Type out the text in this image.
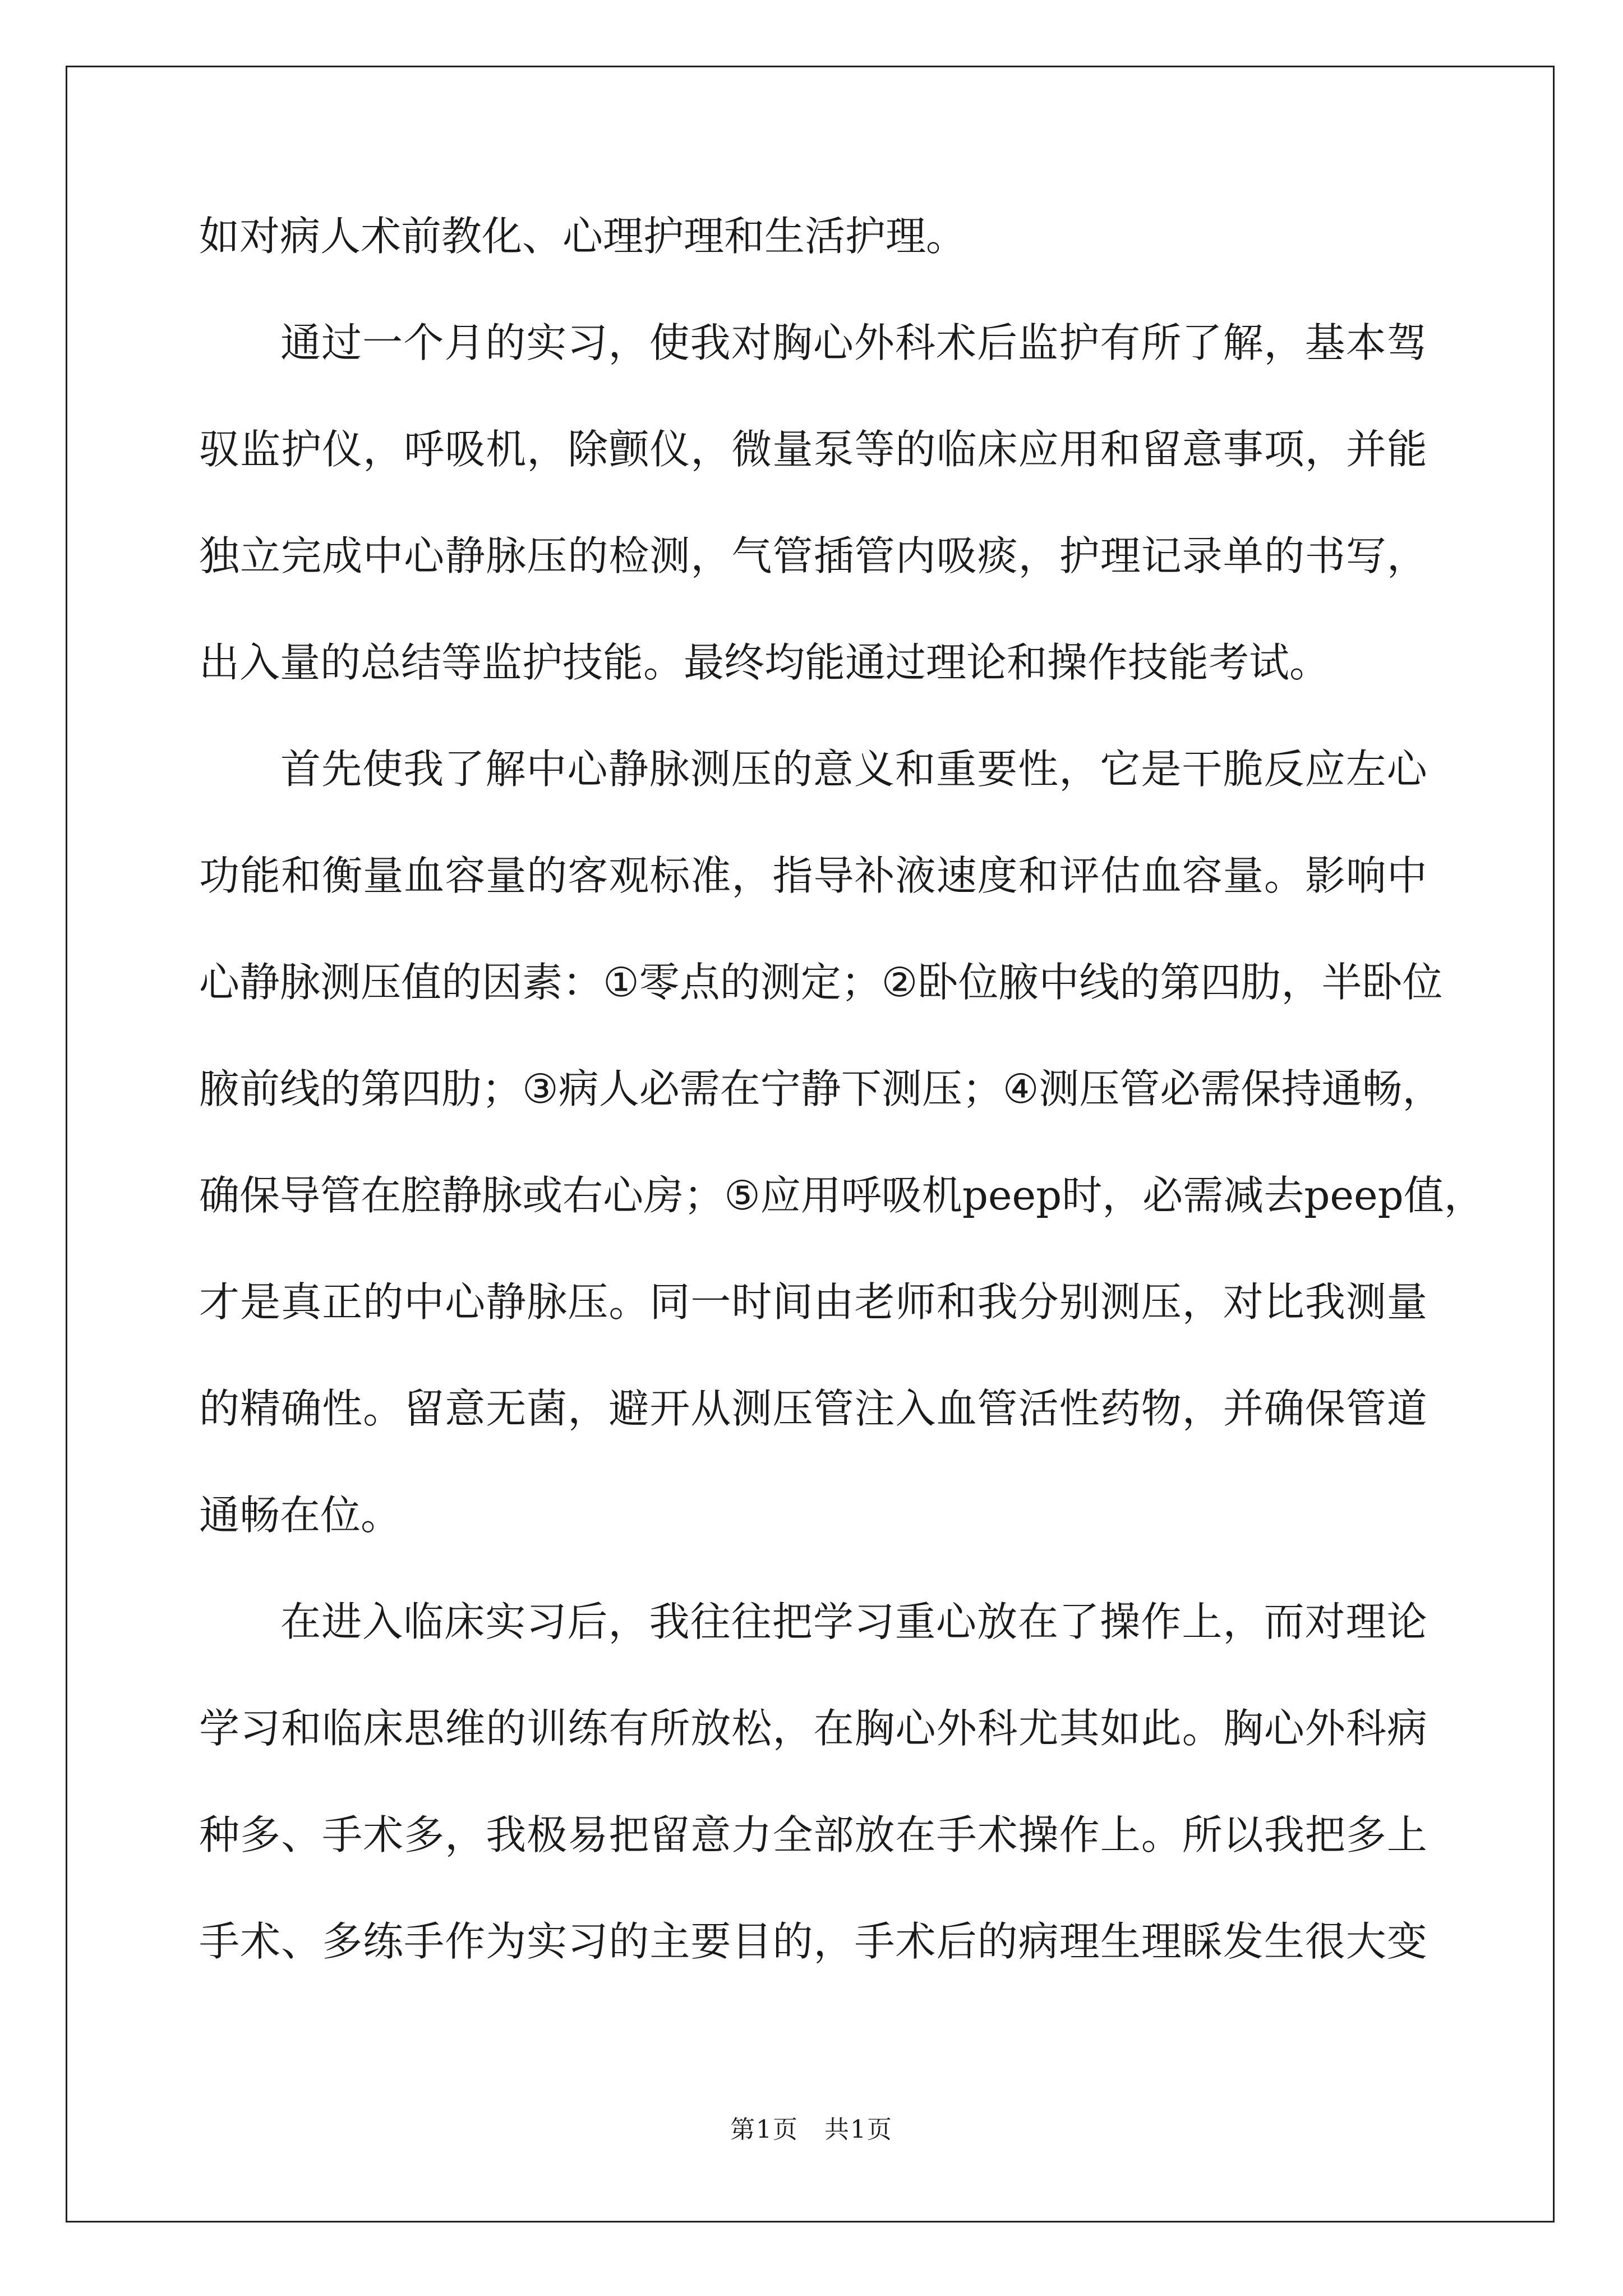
如对病人术前教化、心理护理和生活护理。
通 过 一 个 月 的 实 习 ， 使 我 对 胸 心 外 科 术 后 监 护 有 所 了 解 ， 基 本 驾
驭 监 护 仪 ， 呼 吸 机 ， 除 颤 仪 ， 微 量 泵 等 的 临 床 应 用 和 留 意 事 项 ， 并 能
独 立 完 成 中 心 静 脉 压 的 检 测 ， 气 管 插 管 内 吸 痰 ， 护 理 记 录 单 的 书 写 ，
出入量的总结等监护技能。最终均能通过理论和操作技能考试。
首 先 使 我 了 解 中 心 静 脉 测 压 的 意 义 和 重 要 性 ， 它 是 干 脆 反 应 左 心
功 能 和 衡 量 血 容 量 的 客 观 标 准 ， 指 导 补 液 速 度 和 评 估 血 容 量 。 影 响 中
心 静 脉 测 压 值 的 因 素 ： ① 零 点 的 测 定 ； ② 卧 位 腋 中 线 的 第 四 肋 ， 半 卧 位
腋 前 线 的 第 四 肋 ； ③ 病 人 必 需 在 宁 静 下 测 压 ； ④ 测 压 管 必 需 保 持 通 畅 ，
确 保 导 管 在 腔 静 脉 或 右 心 房 ； ⑤ 应 用 呼 吸 机 peep 时 ， 必 需 减 去 peep 值 ，
才 是 真 正 的 中 心 静 脉 压 。 同 一 时 间 由 老 师 和 我 分 别 测 压 ， 对 比 我 测 量
的 精 确 性 。 留 意 无 菌 ， 避 开 从 测 压 管 注 入 血 管 活 性 药 物 ， 并 确 保 管 道
通畅在位。
在 进 入 临 床 实 习 后 ， 我 往 往 把 学 习 重 心 放 在 了 操 作 上 ， 而 对 理 论
学 习 和 临 床 思 维 的 训 练 有 所 放 松 ， 在 胸 心 外 科 尤 其 如 此 。 胸 心 外 科 病
种 多 、 手 术 多 ， 我 极 易 把 留 意 力 全 部 放 在 手 术 操 作 上 。 所 以 我 把 多 上
手 术 、 多 练 手 作 为 实 习 的 主 要 目 的 ， 手 术 后 的 病 理 生 理 睬 发 生 很 大 变
第1页　共1页
